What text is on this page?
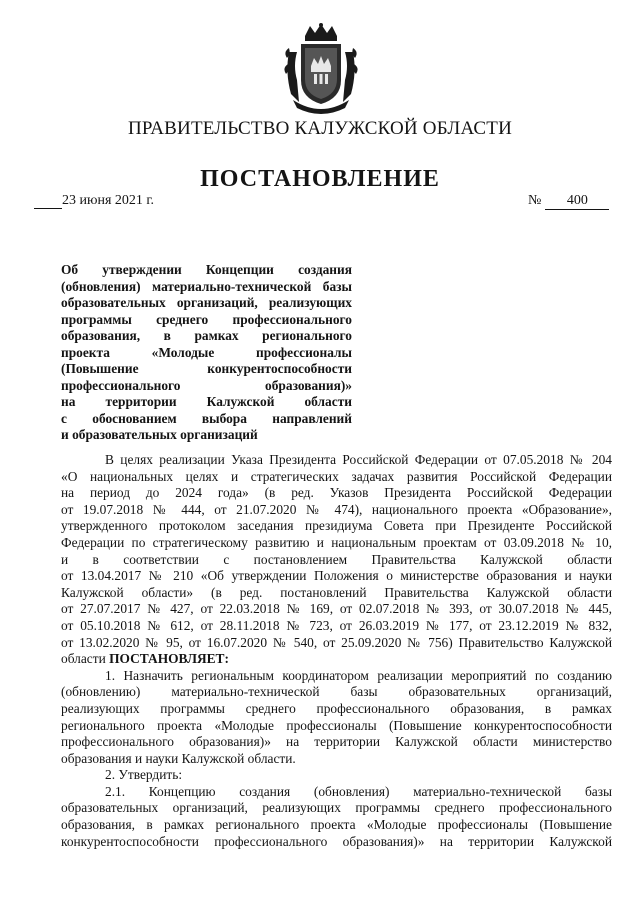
ПРАВИТЕЛЬСТВО КАЛУЖСКОЙ ОБЛАСТИ
ПОСТАНОВЛЕНИЕ
23 июня 2021 г.	№ 400
Об утверждении Концепции создания
(обновления) материально-технической базы
образовательных организаций, реализующих
программы среднего профессионального
образования, в рамках регионального
проекта «Молодые профессионалы
(Повышение конкурентоспособности
профессионального образования)»
на территории Калужской области
с обоснованием выбора направлений
и образовательных организаций
В целях реализации Указа Президента Российской Федерации от 07.05.2018 № 204
«О национальных целях и стратегических задачах развития Российской Федерации
на период до 2024 года» (в ред. Указов Президента Российской Федерации
от 19.07.2018 № 444, от 21.07.2020 № 474), национального проекта «Образование»,
утвержденного протоколом заседания президиума Совета при Президенте Российской
Федерации по стратегическому развитию и национальным проектам от 03.09.2018 № 10,
и в соответствии с постановлением Правительства Калужской области
от 13.04.2017 № 210 «Об утверждении Положения о министерстве образования и науки
Калужской области» (в ред. постановлений Правительства Калужской области
от 27.07.2017 № 427, от 22.03.2018 № 169, от 02.07.2018 № 393, от 30.07.2018 № 445,
от 05.10.2018 № 612, от 28.11.2018 № 723, от 26.03.2019 № 177, от 23.12.2019 № 832,
от 13.02.2020 № 95, от 16.07.2020 № 540, от 25.09.2020 № 756) Правительство Калужской
области ПОСТАНОВЛЯЕТ:
1. Назначить региональным координатором реализации мероприятий по созданию
(обновлению) материально-технической базы образовательных организаций,
реализующих программы среднего профессионального образования, в рамках
регионального проекта «Молодые профессионалы (Повышение конкурентоспособности
профессионального образования)» на территории Калужской области министерство
образования и науки Калужской области.
2. Утвердить:
2.1. Концепцию создания (обновления) материально-технической базы
образовательных организаций, реализующих программы среднего профессионального
образования, в рамках регионального проекта «Молодые профессионалы (Повышение
конкурентоспособности профессионального образования)» на территории Калужской
